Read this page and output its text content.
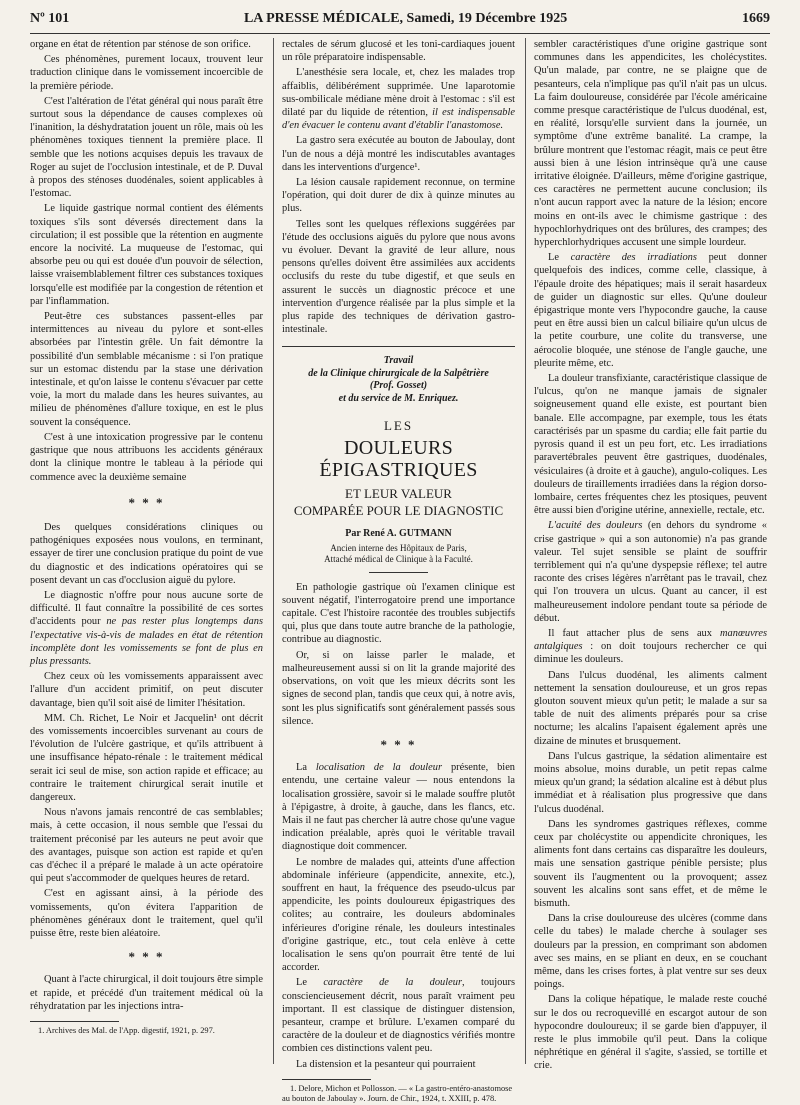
Nº 101	LA PRESSE MÉDICALE, Samedi, 19 Décembre 1925	1669

organe en état de rétention par sténose de son orifice.

Ces phénomènes, purement locaux, trouvent leur traduction clinique dans le vomissement incoercible de la première période.

C'est l'altération de l'état général qui nous paraît être surtout sous la dépendance de causes complexes où l'inanition, la déshydratation jouent un rôle, mais où les phénomènes toxiques tiennent la première place. Il semble que les notions acquises depuis les travaux de Roger au sujet de l'occlusion intestinale, et de P. Duval à propos des sténoses duodénales, soient applicables à l'estomac.

Le liquide gastrique normal contient des éléments toxiques s'ils sont déversés directement dans la circulation; il est possible que la rétention en augmente encore la nocivité. La muqueuse de l'estomac, qui absorbe peu ou qui est douée d'un pouvoir de sélection, laisse vraisemblablement filtrer ces substances toxiques lorsqu'elle est modifiée par la congestion de rétention et par l'inflammation.

Peut-être ces substances passent-elles par intermittences au niveau du pylore et sont-elles absorbées par l'intestin grêle. Un fait démontre la possibilité d'un semblable mécanisme : si l'on pratique sur un estomac distendu par la stase une dérivation intestinale, et qu'on laisse le contenu s'évacuer par cette voie, la mort du malade dans les heures suivantes, au milieu de phénomènes d'allure toxique, en est le plus souvent la conséquence.

C'est à une intoxication progressive par le contenu gastrique que nous attribuons les accidents généraux dont la clinique montre le tableau à la période qui commence avec la deuxième semaine

* * *

Des quelques considérations cliniques ou pathogéniques exposées nous voulons, en terminant, essayer de tirer une conclusion pratique du point de vue du diagnostic et des indications opératoires qui se posent devant un cas d'occlusion aiguë du pylore.

Le diagnostic n'offre pour nous aucune sorte de difficulté. Il faut connaître la possibilité de ces sortes d'accidents pour ne pas rester plus longtemps dans l'expectative vis-à-vis de malades en état de rétention incomplète dont les vomissements se font de plus en plus pressants.

Chez ceux où les vomissements apparaissent avec l'allure d'un accident primitif, on peut discuter davantage, bien qu'il soit aisé de limiter l'hésitation.

MM. Ch. Richet, Le Noir et Jacquelin¹ ont décrit des vomissements incoercibles survenant au cours de l'évolution de l'ulcère gastrique, et qu'ils attribuent à une insuffisance hépato-rénale : le traitement médical serait ici seul de mise, son action rapide et efficace; au contraire le traitement chirurgical serait inutile et dangereux.

Nous n'avons jamais rencontré de cas semblables; mais, à cette occasion, il nous semble que l'essai du traitement préconisé par les auteurs ne peut avoir que des avantages, puisque son action est rapide et qu'en cas d'échec il a préparé le malade à un acte opératoire qui peut s'accommoder de quelques heures de retard.

C'est en agissant ainsi, à la période des vomissements, qu'on évitera l'apparition de phénomènes généraux dont le traitement, quel qu'il puisse être, reste bien aléatoire.

* * *

Quant à l'acte chirurgical, il doit toujours être simple et rapide, et précédé d'un traitement médical où la réhydratation par les injections intra-

1. Archives des Mal. de l'App. digestif, 1921, p. 297.

rectales de sérum glucosé et les toni-cardiaques jouent un rôle préparatoire indispensable.

L'anesthésie sera locale, et, chez les malades trop affaiblis, délibérément supprimée. Une laparotomie sus-ombilicale médiane mène droit à l'estomac : s'il est dilaté par du liquide de rétention, il est indispensable d'en évacuer le contenu avant d'établir l'anastomose.

La gastro sera exécutée au bouton de Jaboulay, dont l'un de nous a déjà montré les indiscutables avantages dans les interventions d'urgence¹.

La lésion causale rapidement reconnue, on termine l'opération, qui doit durer de dix à quinze minutes au plus.

Telles sont les quelques réflexions suggérées par l'étude des occlusions aiguës du pylore que nous avons vu évoluer. Devant la gravité de leur allure, nous pensons qu'elles doivent être assimilées aux accidents occlusifs du reste du tube digestif, et que seuls en assurent le succès un diagnostic précoce et une intervention d'urgence réalisée par la plus simple et la plus rapide des techniques de dérivation gastro-intestinale.

Travail
de la Clinique chirurgicale de la Salpêtrière
(Prof. Gosset)
et du service de M. Enriquez.
LES
DOULEURS ÉPIGASTRIQUES
ET LEUR VALEUR
COMPARÉE POUR LE DIAGNOSTIC
Par René A. GUTMANN
Ancien interne des Hôpitaux de Paris,
Attaché médical de Clinique à la Faculté.

En pathologie gastrique où l'examen clinique est souvent négatif, l'interrogatoire prend une importance capitale. C'est l'histoire racontée des troubles subjectifs qui, plus que dans toute autre branche de la pathologie, contribue au diagnostic.

Or, si on laisse parler le malade, et malheureusement aussi si on lit la grande majorité des observations, on voit que les mieux décrits sont les signes de second plan, tandis que ceux qui, à notre avis, sont les plus significatifs sont généralement passés sous silence.

* * *

La localisation de la douleur présente, bien entendu, une certaine valeur — nous entendons la localisation grossière, savoir si le malade souffre plutôt à l'épigastre, à droite, à gauche, dans les flancs, etc. Mais il ne faut pas chercher là autre chose qu'une vague indication préalable, après quoi le véritable travail diagnostique doit commencer.

Le nombre de malades qui, atteints d'une affection abdominale inférieure (appendicite, annexite, etc.), souffrent en haut, la fréquence des pseudo-ulcus par appendicite, les points douloureux épigastriques des colites; au contraire, les douleurs abdominales inférieures d'origine rénale, les douleurs intestinales d'origine gastrique, etc., tout cela enlève à cette localisation le sens qu'on pourrait être tenté de lui accorder.

Le caractère de la douleur, toujours consciencieusement décrit, nous paraît vraiment peu important. Il est classique de distinguer distension, pesanteur, crampe et brûlure. L'examen comparé du caractère de la douleur et de diagnostics vérifiés montre combien ces distinctions valent peu.

La distension et la pesanteur qui pourraient

1. Delore, Michon et Pollosson. — « La gastro-entéro-anastomose au bouton de Jaboulay ». Journ. de Chir., 1924, t. XXIII, p. 478.

sembler caractéristiques d'une origine gastrique sont communes dans les appendicites, les cholécystites. Qu'un malade, par contre, ne se plaigne que de pesanteurs, cela n'implique pas qu'il n'ait pas un ulcus. La faim douloureuse, considérée par l'école américaine comme presque caractéristique de l'ulcus duodénal, est, en réalité, lorsqu'elle survient dans la journée, un symptôme d'une extrême banalité. La crampe, la brûlure montrent que l'estomac réagit, mais ce peut être aussi bien à une lésion intrinsèque qu'à une cause irritative éloignée. D'ailleurs, même d'origine gastrique, ces caractères ne permettent aucune conclusion; ils n'ont aucun rapport avec la nature de la lésion; encore moins en ont-ils avec le chimisme gastrique : des hypochlorhydriques ont des brûlures, des crampes; des hyperchlorhydriques accusent une simple lourdeur.

Le caractère des irradiations peut donner quelquefois des indices, comme celle, classique, à l'épaule droite des hépatiques; mais il serait hasardeux de guider un diagnostic sur elles. Qu'une douleur épigastrique monte vers l'hypocondre gauche, la cause peut en être aussi bien un calcul biliaire qu'un ulcus de la petite courbure, une colite du transverse, une aérocolie bloquée, une sténose de l'angle gauche, une pleurite même, etc.

La douleur transfixiante, caractéristique classique de l'ulcus, qu'on ne manque jamais de signaler soigneusement quand elle existe, est pourtant bien banale. Elle accompagne, par exemple, tous les états caractérisés par un spasme du cardia; elle fait partie du pyrosis quand il est un peu fort, etc. Les irradiations paravertébrales peuvent être gastriques, duodénales, vésiculaires (à droite et à gauche), angulo-coliques. Les douleurs de tiraillements irradiées dans la région dorso-lombaire, certes fréquentes chez les ptosiques, peuvent être aussi bien d'origine utérine, annexielle, rectale, etc.

L'acuité des douleurs (en dehors du syndrome « crise gastrique » qui a son autonomie) n'a pas grande valeur. Tel sujet sensible se plaint de souffrir terriblement qui n'a qu'une dyspepsie réflexe; tel autre raconte des crises légères n'arrêtant pas le travail, chez qui l'on trouvera un ulcus. Quant au cancer, il est malheureusement indolore pendant toute sa période de début.

Il faut attacher plus de sens aux manœuvres antalgiques : on doit toujours rechercher ce qui diminue les douleurs.

Dans l'ulcus duodénal, les aliments calment nettement la sensation douloureuse, et un gros repas glouton souvent mieux qu'un petit; le malade a sur sa table de nuit des aliments préparés pour sa crise nocturne; les alcalins l'apaisent également après une dizaine de minutes et brusquement.

Dans l'ulcus gastrique, la sédation alimentaire est moins absolue, moins durable, un petit repas calme mieux qu'un grand; la sédation alcaline est à début plus immédiat et à réalisation plus progressive que dans l'ulcus duodénal.

Dans les syndromes gastriques réflexes, comme ceux par cholécystite ou appendicite chroniques, les aliments font dans certains cas disparaître les douleurs, mais une sensation gastrique pénible persiste; plus souvent ils l'augmentent ou la provoquent; assez souvent les alcalins sont sans effet, et de même le bismuth.

Dans la crise douloureuse des ulcères (comme dans celle du tabes) le malade cherche à soulager ses douleurs par la pression, en comprimant son abdomen avec ses mains, en se pliant en deux, en se couchant même, dans les crises fortes, à plat ventre sur ses deux poings.

Dans la colique hépatique, le malade reste couché sur le dos ou recroquevillé en escargot autour de son hypocondre douloureux; il se garde bien d'appuyer, il reste le plus immobile qu'il peut. Dans la colique néphrétique en général il s'agite, s'assied, se tortille et crie.
